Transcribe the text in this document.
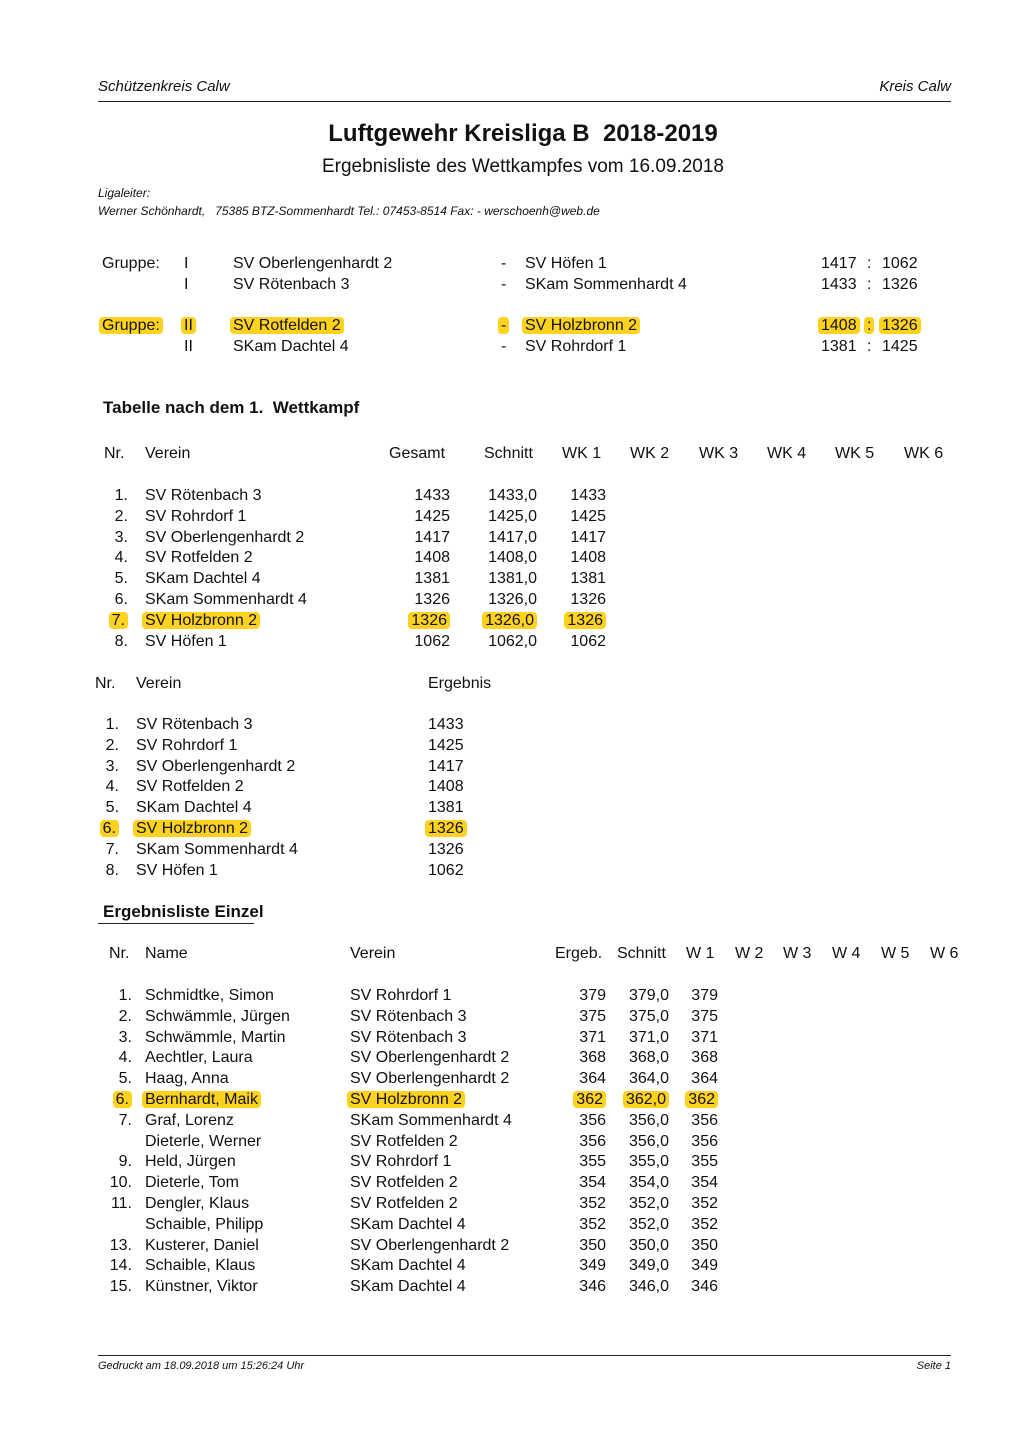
Schützenkreis Calw	Kreis Calw
Luftgewehr Kreisliga B  2018-2019
Ergebnisliste des Wettkampfes vom 16.09.2018
Ligaleiter:
Werner Schönhardt,   75385 BTZ-Sommenhardt Tel.: 07453-8514 Fax: - werschoenh@web.de
Gruppe: I	SV Oberlengenhardt 2	- SV Höfen 1	1417 : 1062
I	SV Rötenbach 3	- SKam Sommenhardt 4	1433 : 1326
Gruppe: II	SV Rotfelden 2	- SV Holzbronn 2	1408 : 1326
II	SKam Dachtel 4	- SV Rohrdorf 1	1381 : 1425
Tabelle nach dem 1.  Wettkampf
Nr. Verein	Gesamt Schnitt WK 1 WK 2 WK 3 WK 4 WK 5 WK 6
1. SV Rötenbach 3	1433 1433,0 1433
2. SV Rohrdorf 1	1425 1425,0 1425
3. SV Oberlengenhardt 2	1417 1417,0 1417
4. SV Rotfelden 2	1408 1408,0 1408
5. SKam Dachtel 4	1381 1381,0 1381
6. SKam Sommenhardt 4	1326 1326,0 1326
7. SV Holzbronn 2	1326 1326,0 1326
8. SV Höfen 1	1062 1062,0 1062
Nr. Verein	Ergebnis
1. SV Rötenbach 3	1433
2. SV Rohrdorf 1	1425
3. SV Oberlengenhardt 2	1417
4. SV Rotfelden 2	1408
5. SKam Dachtel 4	1381
6. SV Holzbronn 2	1326
7. SKam Sommenhardt 4	1326
8. SV Höfen 1	1062
Ergebnisliste Einzel
Nr. Name	Verein	Ergeb. Schnitt W 1 W 2 W 3 W 4 W 5 W 6
1. Schmidtke, Simon	SV Rohrdorf 1	379 379,0 379
2. Schwämmle, Jürgen	SV Rötenbach 3	375 375,0 375
3. Schwämmle, Martin	SV Rötenbach 3	371 371,0 371
4. Aechtler, Laura	SV Oberlengenhardt 2	368 368,0 368
5. Haag, Anna	SV Oberlengenhardt 2	364 364,0 364
6. Bernhardt, Maik	SV Holzbronn 2	362 362,0 362
7. Graf, Lorenz	SKam Sommenhardt 4	356 356,0 356
Dieterle, Werner	SV Rotfelden 2	356 356,0 356
9. Held, Jürgen	SV Rohrdorf 1	355 355,0 355
10. Dieterle, Tom	SV Rotfelden 2	354 354,0 354
11. Dengler, Klaus	SV Rotfelden 2	352 352,0 352
Schaible, Philipp	SKam Dachtel 4	352 352,0 352
13. Kusterer, Daniel	SV Oberlengenhardt 2	350 350,0 350
14. Schaible, Klaus	SKam Dachtel 4	349 349,0 349
15. Künstner, Viktor	SKam Dachtel 4	346 346,0 346
Gedruckt am 18.09.2018 um 15:26:24 Uhr	Seite 1
